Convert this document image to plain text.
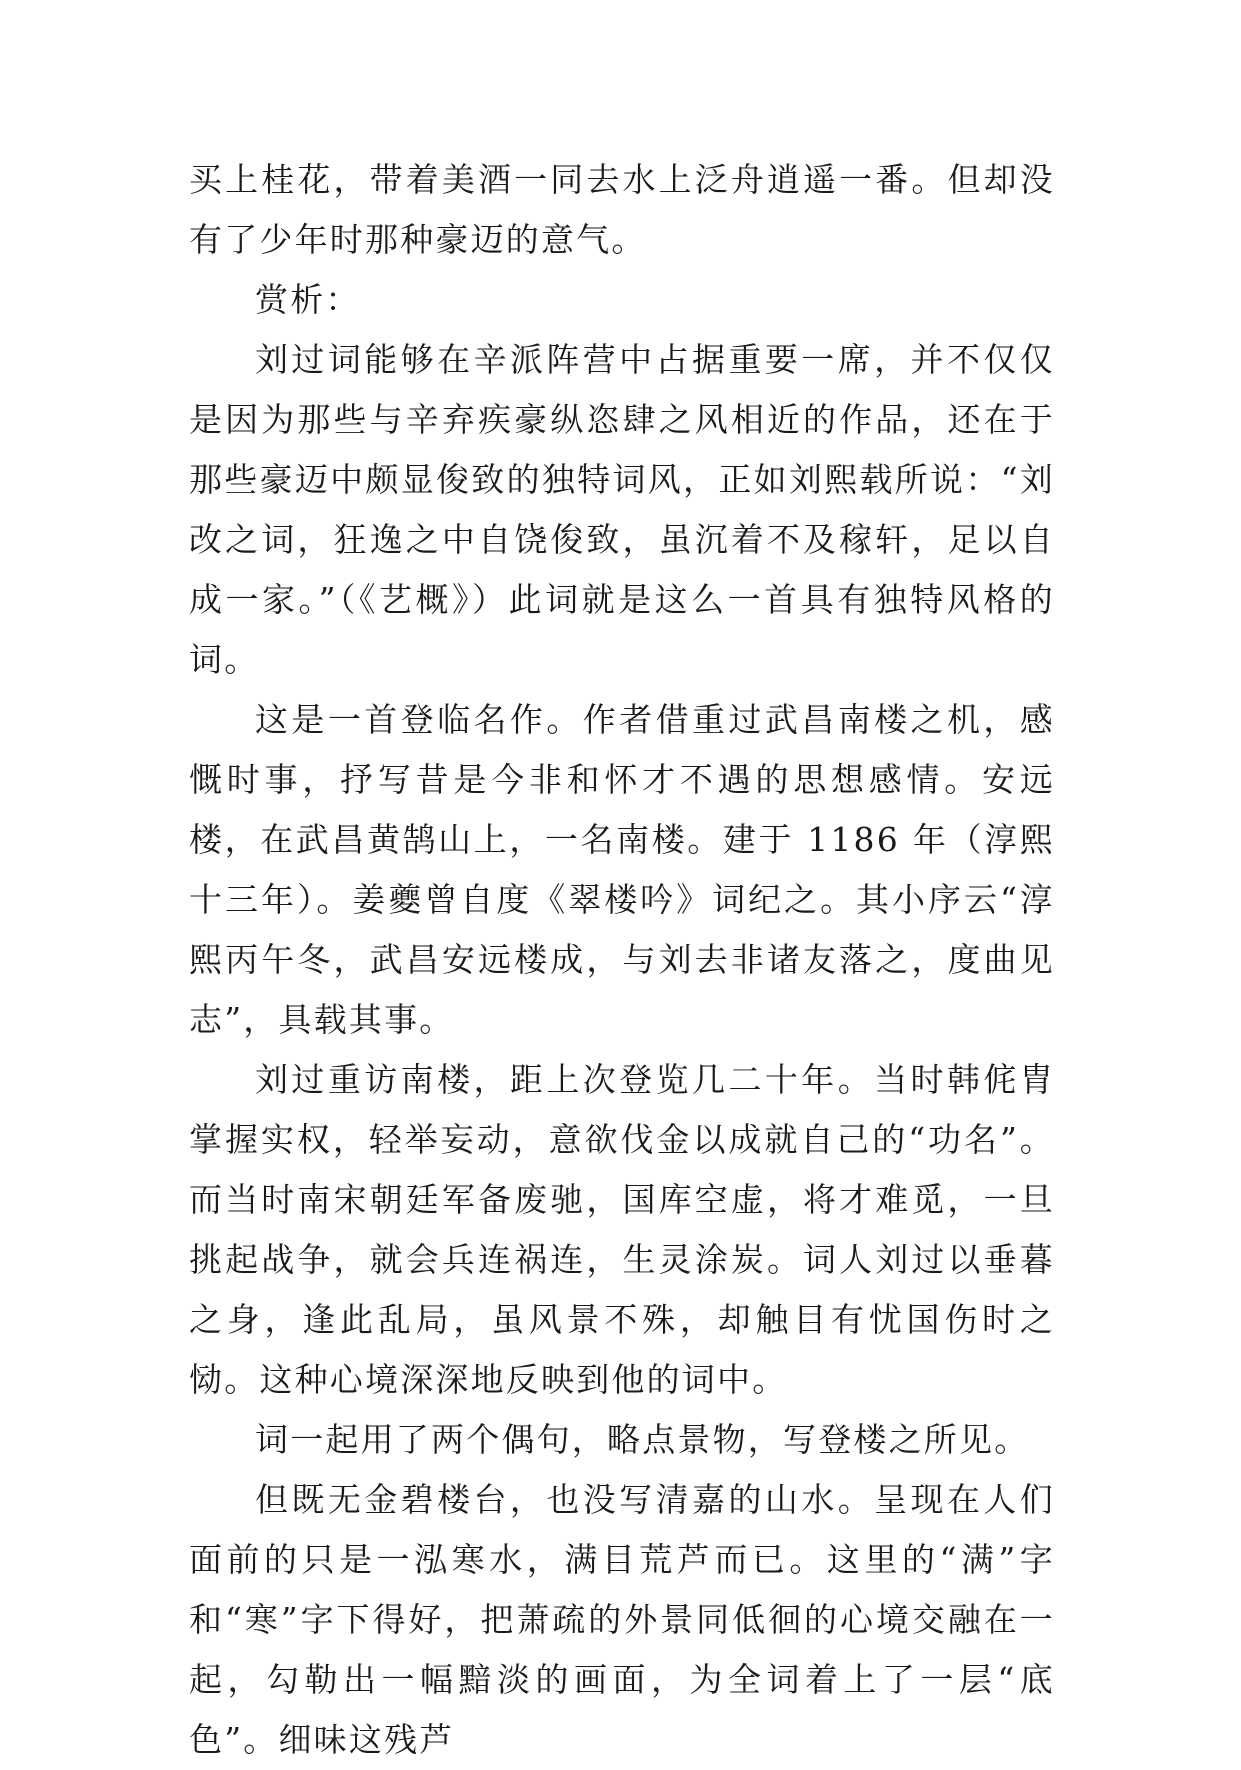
买上桂花，带着美酒一同去水上泛舟逍遥一番。但却没有了少年时那种豪迈的意气。

赏析：

刘过词能够在辛派阵营中占据重要一席，并不仅仅是因为那些与辛弃疾豪纵恣肆之风相近的作品，还在于那些豪迈中颇显俊致的独特词风，正如刘熙载所说：“刘改之词，狂逸之中自饶俊致，虽沉着不及稼轩，足以自成一家。”（《艺概》）此词就是这么一首具有独特风格的词。

这是一首登临名作。作者借重过武昌南楼之机，感慨时事，抒写昔是今非和怀才不遇的思想感情。安远楼，在武昌黄鹄山上，一名南楼。建于 1186 年（淳熙十三年）。姜夔曾自度《翠楼吟》词纪之。其小序云“淳熙丙午冬，武昌安远楼成，与刘去非诸友落之，度曲见志”，具载其事。

刘过重访南楼，距上次登览几二十年。当时韩侂胄掌握实权，轻举妄动，意欲伐金以成就自己的“功名”。而当时南宋朝廷军备废驰，国库空虚，将才难觅，一旦挑起战争，就会兵连祸连，生灵涂炭。词人刘过以垂暮之身，逢此乱局，虽风景不殊，却触目有忧国伤时之恸。这种心境深深地反映到他的词中。

词一起用了两个偶句，略点景物，写登楼之所见。

但既无金碧楼台，也没写清嘉的山水。呈现在人们面前的只是一泓寒水，满目荒芦而已。这里的“满”字和“寒”字下得好，把萧疏的外景同低徊的心境交融在一起，勾勒出一幅黯淡的画面，为全词着上了一层“底色”。细味这残芦
